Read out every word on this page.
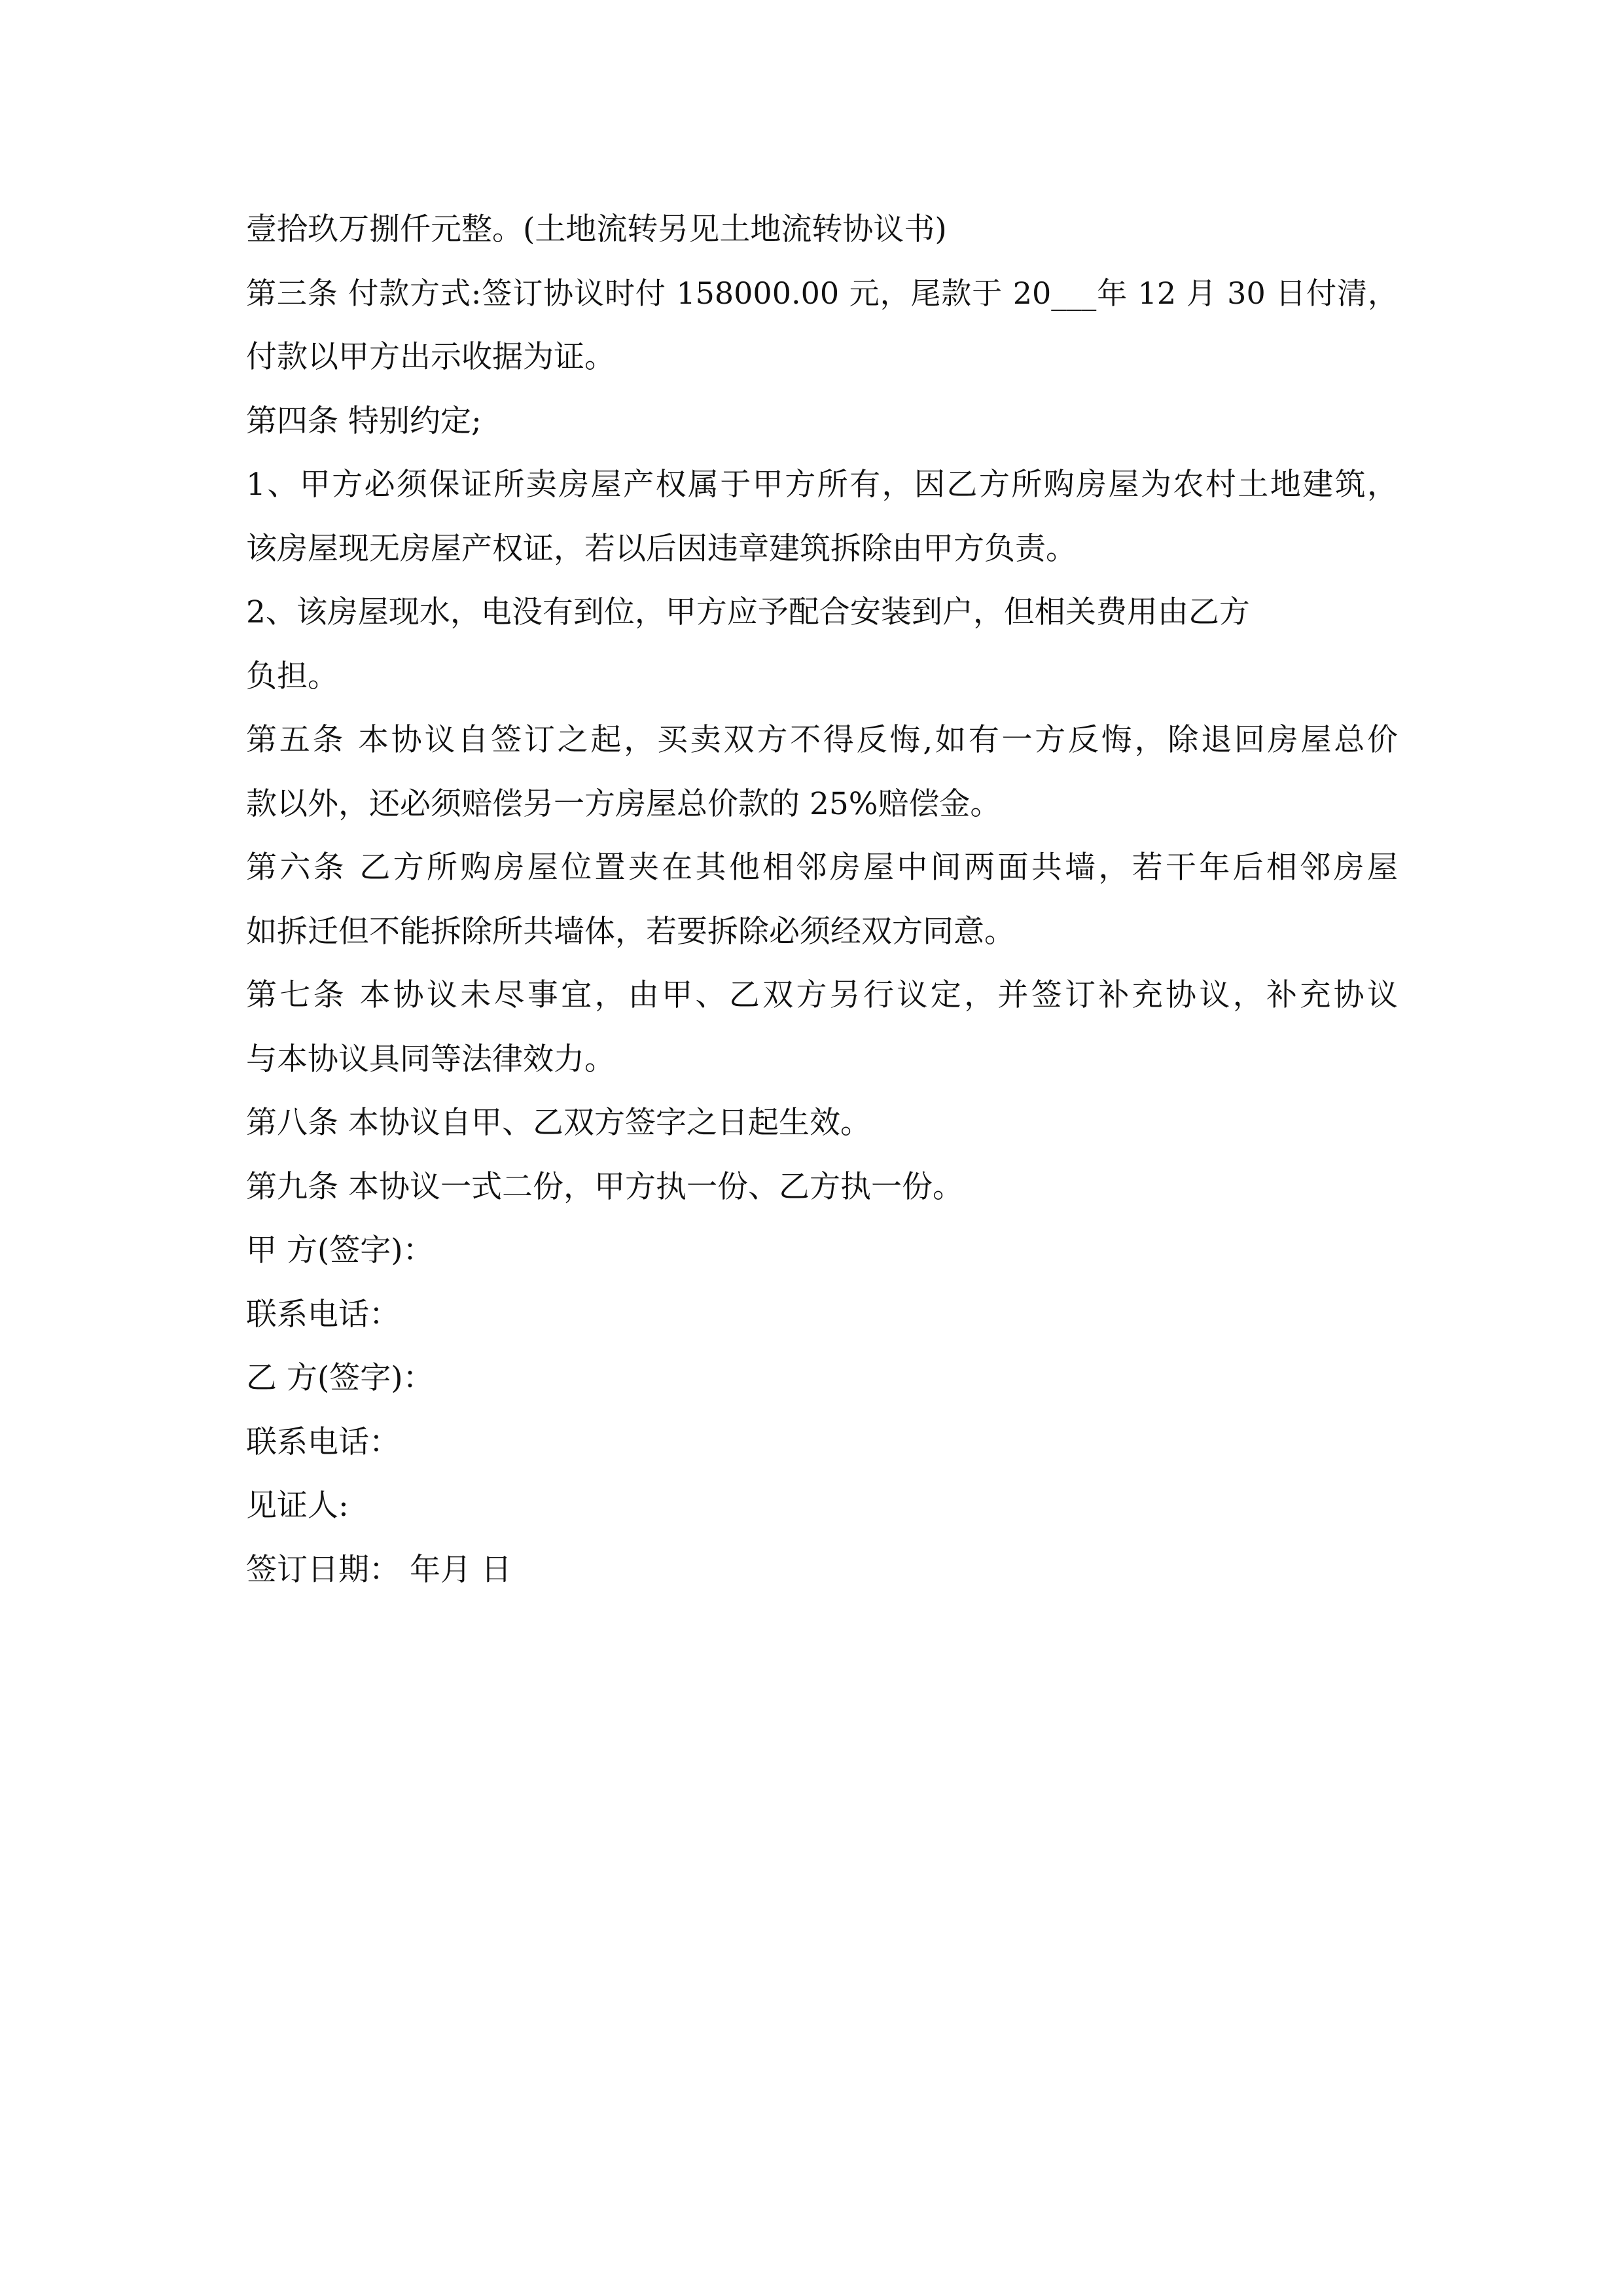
壹拾玖万捌仟元整。(土地流转另见土地流转协议书)
第三条 付款方式:签订协议时付 158000.00 元，尾款于 20___年 12 月 30 日付清，
付款以甲方出示收据为证。
第四条 特别约定;
1、甲方必须保证所卖房屋产权属于甲方所有，因乙方所购房屋为农村土地建筑，
该房屋现无房屋产权证，若以后因违章建筑拆除由甲方负责。
2、该房屋现水，电没有到位，甲方应予配合安装到户，但相关费用由乙方
负担。
第五条 本协议自签订之起，买卖双方不得反悔,如有一方反悔，除退回房屋总价
款以外，还必须赔偿另一方房屋总价款的 25%赔偿金。
第六条 乙方所购房屋位置夹在其他相邻房屋中间两面共墙，若干年后相邻房屋
如拆迁但不能拆除所共墙体，若要拆除必须经双方同意。
第七条 本协议未尽事宜，由甲、乙双方另行议定，并签订补充协议，补充协议
与本协议具同等法律效力。
第八条 本协议自甲、乙双方签字之日起生效。
第九条 本协议一式二份，甲方执一份、乙方执一份。
甲 方(签字)：
联系电话：
乙 方(签字)：
联系电话：
见证人:
签订日期： 年月 日
